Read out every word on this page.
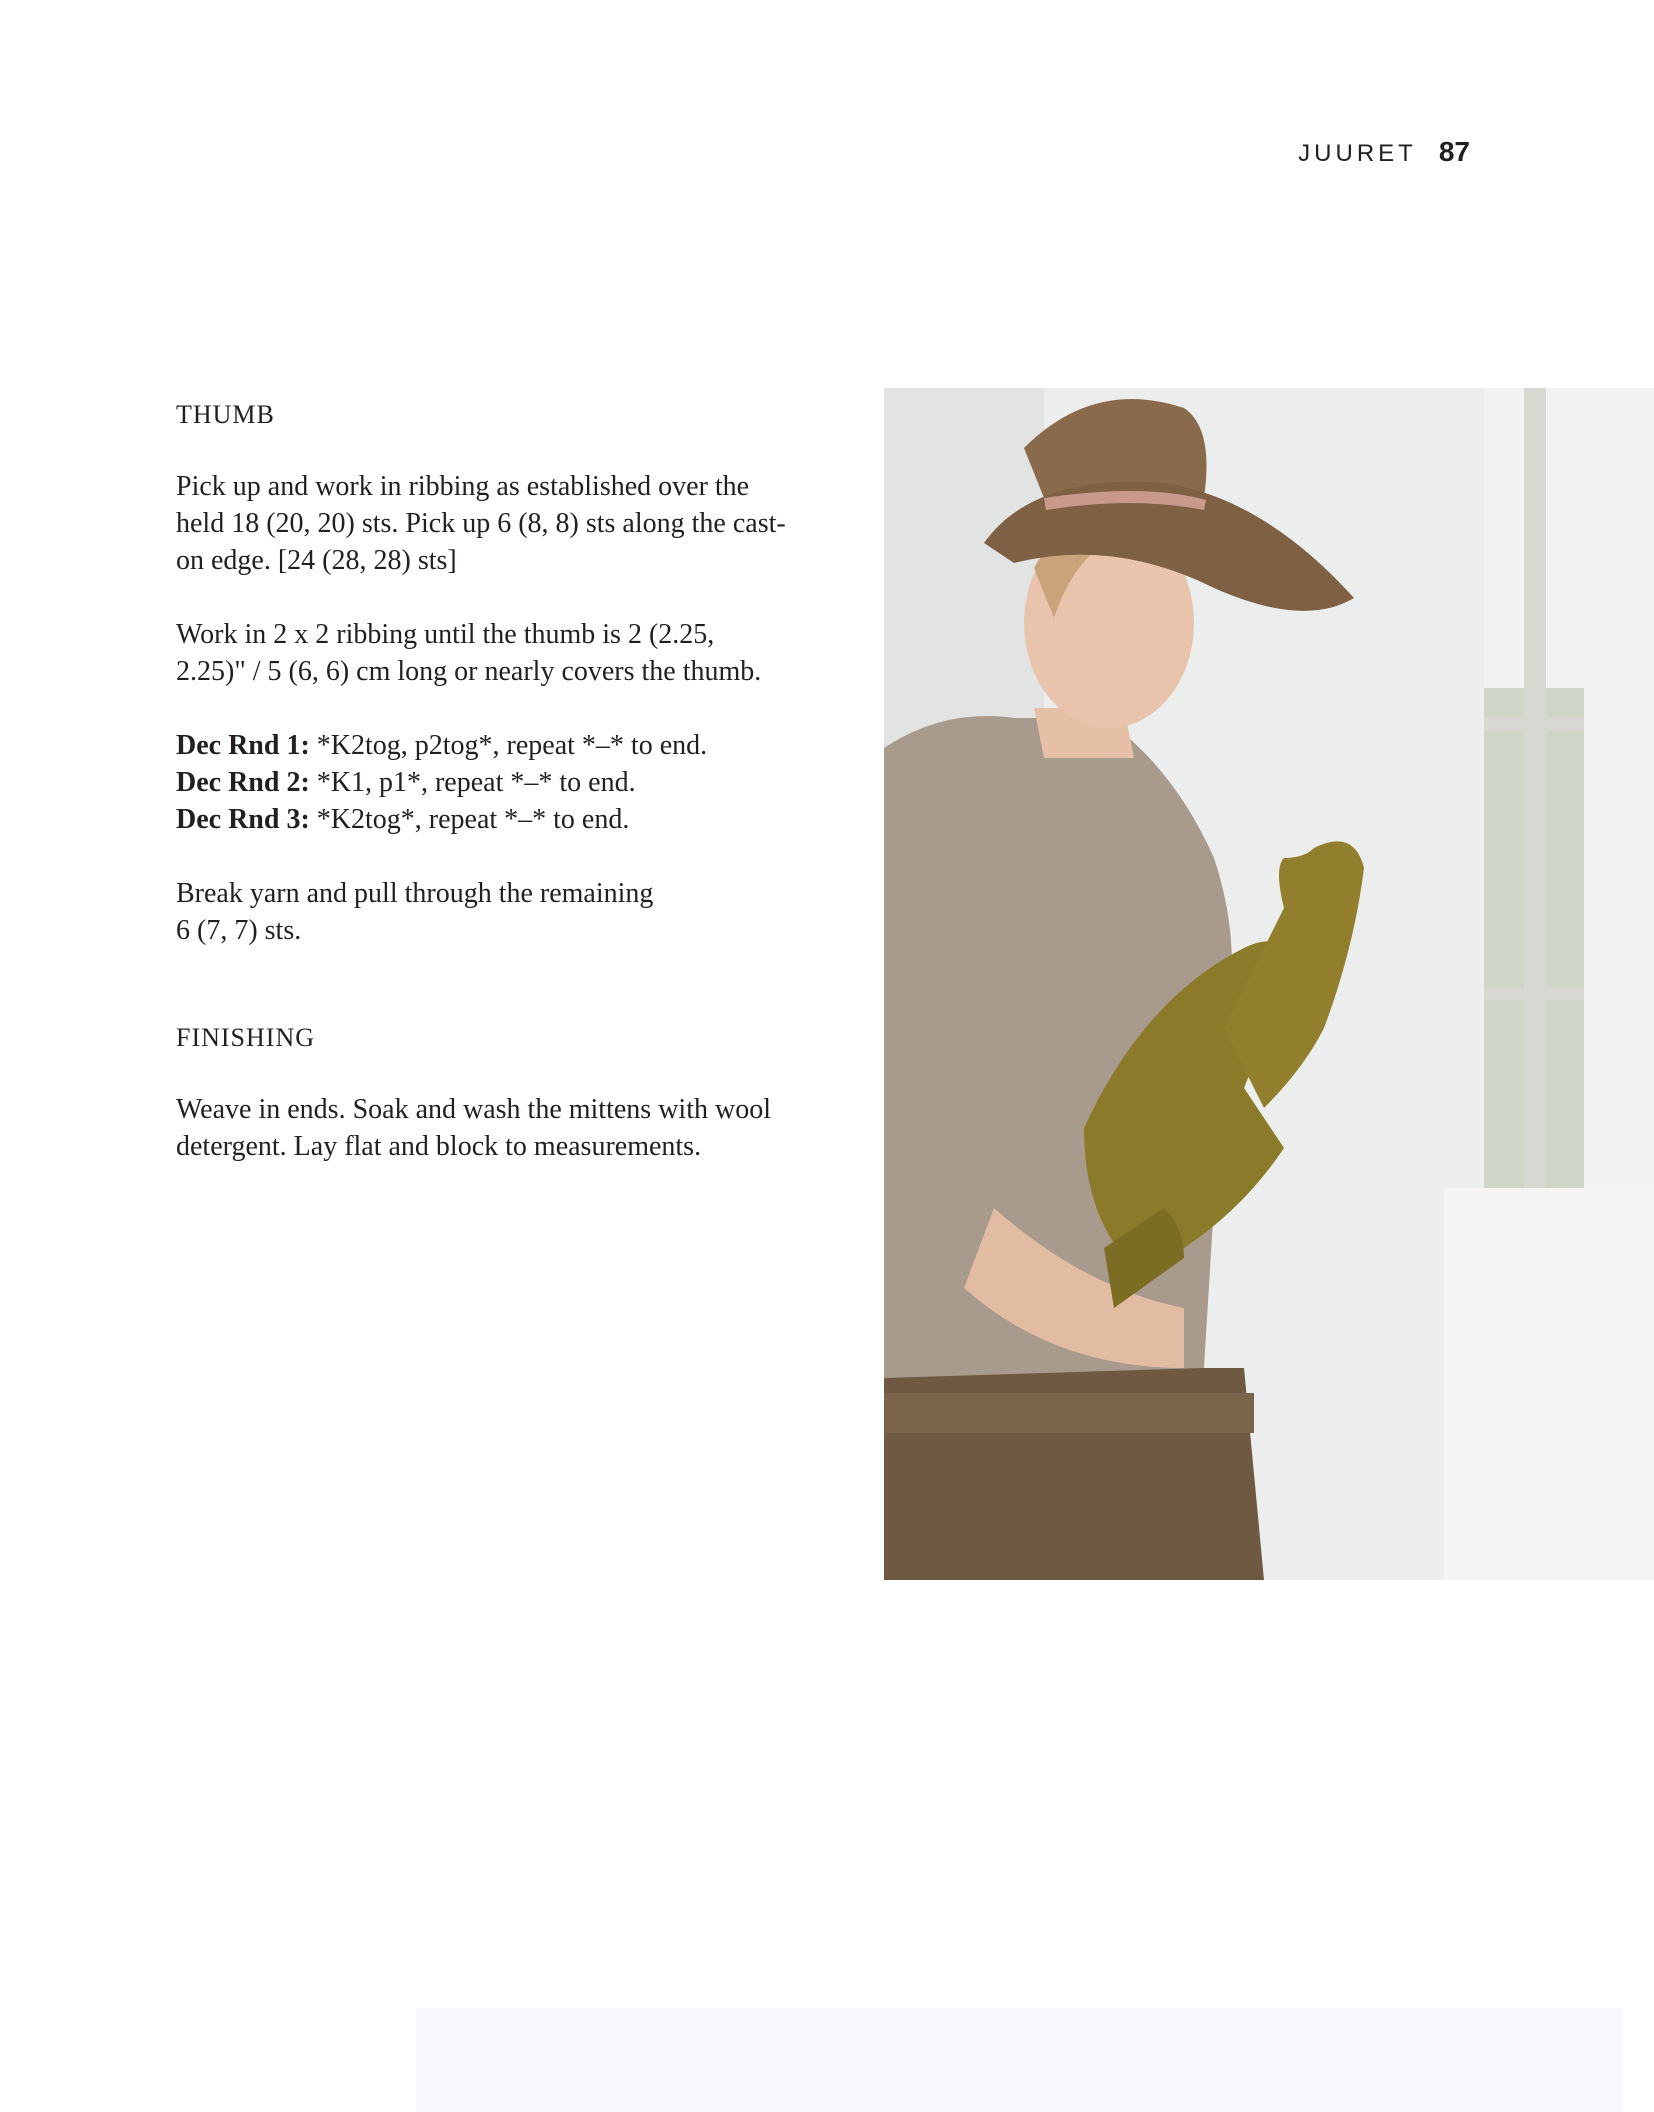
JUURET 87
THUMB

Pick up and work in ribbing as established over the
held 18 (20, 20) sts. Pick up 6 (8, 8) sts along the cast-
on edge. [24 (28, 28) sts]

Work in 2 x 2 ribbing until the thumb is 2 (2.25,
2.25)" / 5 (6, 6) cm long or nearly covers the thumb.

Dec Rnd 1: *K2tog, p2tog*, repeat *–* to end.

Dec Rnd 2: *K1, p1*, repeat *–* to end.

Dec Rnd 3: *K2tog*, repeat *–* to end.

Break yarn and pull through the remaining
6 (7, 7) sts.

FINISHING

Weave in ends. Soak and wash the mittens with wool
detergent. Lay flat and block to measurements.
